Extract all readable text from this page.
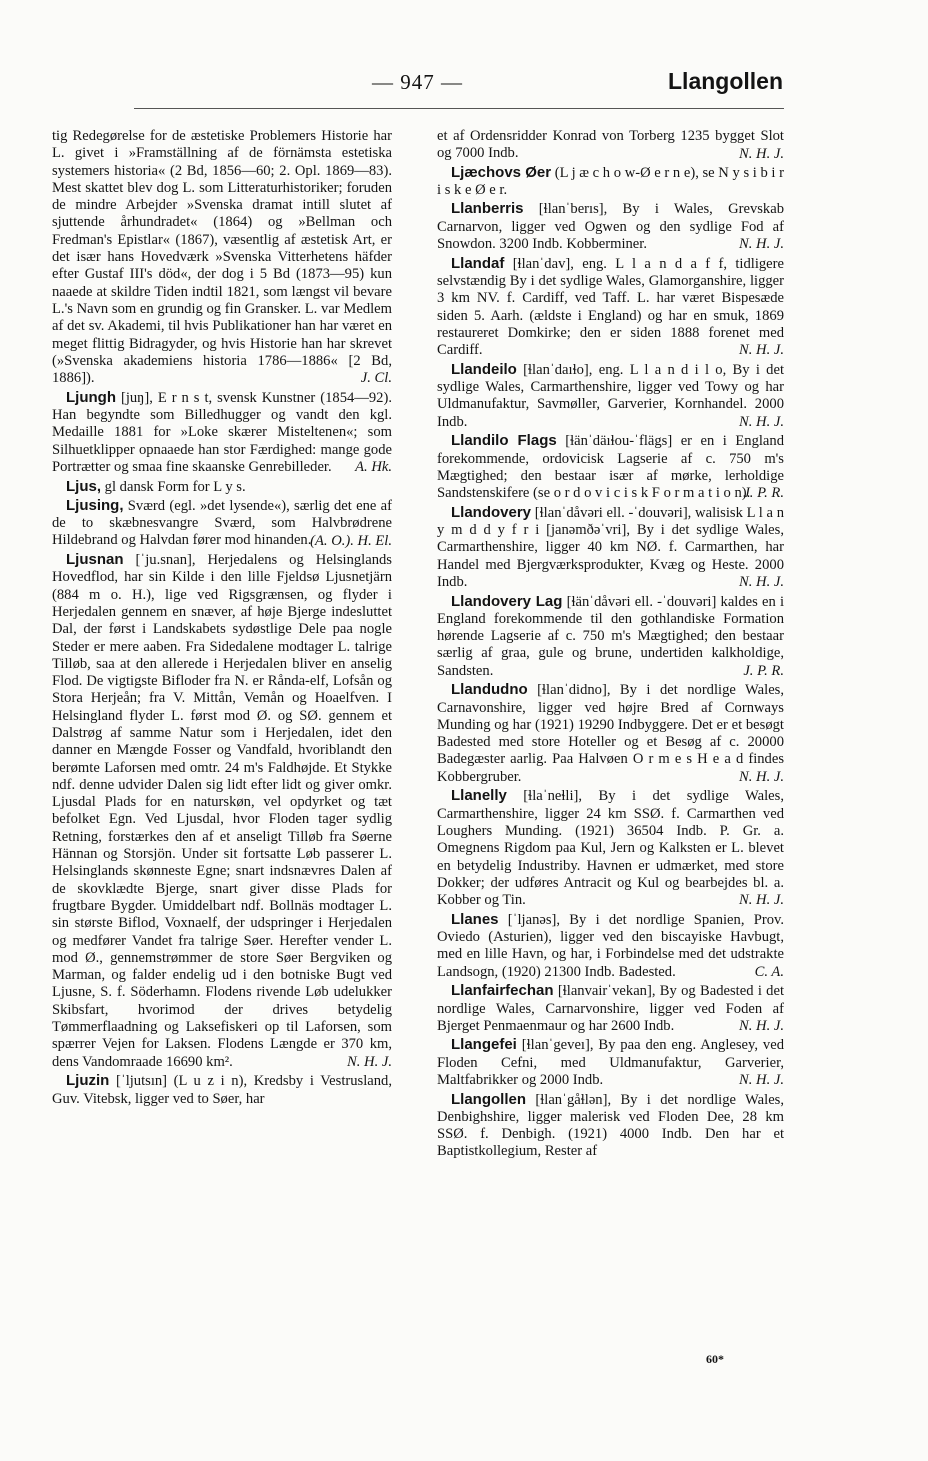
— 947 —	Llangollen

tig Redegørelse for de æstetiske Problemers Historie har L. givet i »Framställning af de förnämsta estetiska systemers historia« (2 Bd, 1856—60; 2. Opl. 1869—83). Mest skattet blev dog L. som Litteraturhistoriker; foruden de mindre Arbejder »Svenska dramat intill slutet af sjuttende århundradet« (1864) og »Bellman och Fredman's Epistlar« (1867), væsentlig af æstetisk Art, er det især hans Hovedværk »Svenska Vitterhetens häfder efter Gustaf III's död«, der dog i 5 Bd (1873—95) kun naaede at skildre Tiden indtil 1821, som længst vil bevare L.'s Navn som en grundig og fin Gransker. L. var Medlem af det sv. Akademi, til hvis Publikationer han har været en meget flittig Bidragyder, og hvis Historie han har skrevet (»Svenska akademiens historia 1786—1886« [2 Bd, 1886]).	J. Cl.

Ljungh [juŋ], E r n s t, svensk Kunstner (1854—92). Han begyndte som Billedhugger og vandt den kgl. Medaille 1881 for »Loke skærer Misteltenen«; som Silhuetklipper opnaaede han stor Færdighed: mange gode Portrætter og smaa fine skaanske Genrebilleder.	A. Hk.

Ljus, gl dansk Form for L y s.

Ljusing, Sværd (egl. »det lysende«), særlig det ene af de to skæbnesvangre Sværd, som Halvbrødrene Hildebrand og Halvdan fører mod hinanden.
(A. O.). H. El.

Ljusnan [ˈju.snan], Herjedalens og Helsinglands Hovedflod, har sin Kilde i den lille Fjeldsø Ljusnetjärn (884 m o. H.), lige ved Rigsgrænsen, og flyder i Herjedalen gennem en snæver, af høje Bjerge indesluttet Dal, der først i Landskabets sydøstlige Dele paa nogle Steder er mere aaben. Fra Sidedalene modtager L. talrige Tilløb, saa at den allerede i Herjedalen bliver en anselig Flod. De vigtigste Bifloder fra N. er Rånda-elf, Lofsån og Stora Herjeån; fra V. Mittån, Vemån og Hoaelfven. I Helsingland flyder L. først mod Ø. og SØ. gennem et Dalstrøg af samme Natur som i Herjedalen, idet den danner en Mængde Fosser og Vandfald, hvoriblandt den berømte Laforsen med omtr. 24 m's Faldhøjde. Et Stykke ndf. denne udvider Dalen sig lidt efter lidt og giver omkr. Ljusdal Plads for en naturskøn, vel opdyrket og tæt befolket Egn. Ved Ljusdal, hvor Floden tager sydlig Retning, forstærkes den af et anseligt Tilløb fra Søerne Hännan og Storsjön. Under sit fortsatte Løb passerer L. Helsinglands skønneste Egne; snart indsnævres Dalen af de skovklædte Bjerge, snart giver disse Plads for frugtbare Bygder. Umiddelbart ndf. Bollnäs modtager L. sin største Biflod, Voxnaelf, der udspringer i Herjedalen og medfører Vandet fra talrige Søer. Herefter vender L. mod Ø., gennemstrømmer de store Søer Bergviken og Marman, og falder endelig ud i den botniske Bugt ved Ljusne, S. f. Söderhamn. Flodens rivende Løb udelukker Skibsfart, hvorimod der drives betydelig Tømmerflaadning og Laksefiskeri op til Laforsen, som spærrer Vejen for Laksen. Flodens Længde er 370 km, dens Vandomraade 16690 km².	N. H. J.

Ljuzin [ˈljutsın] (L u z i n), Kredsby i Vestrusland, Guv. Vitebsk, ligger ved to Søer, har

et af Ordensridder Konrad von Torberg 1235 bygget Slot og 7000 Indb.	N. H. J.

Ljæchovs Øer (L j æ c h o w-Ø e r n e), se N y s i b i r i s k e Ø e r.

Llanberris [ɬlanˈberıs], By i Wales, Grevskab Carnarvon, ligger ved Ogwen og den sydlige Fod af Snowdon. 3200 Indb. Kobberminer.	N. H. J.

Llandaf [ɬlanˈdav], eng. L l a n d a f f, tidligere selvstændig By i det sydlige Wales, Glamorganshire, ligger 3 km NV. f. Cardiff, ved Taff. L. har været Bispesæde siden 5. Aarh. (ældste i England) og har en smuk, 1869 restaureret Domkirke; den er siden 1888 forenet med Cardiff.	N. H. J.

Llandeilo [ɬlanˈdaıɬo], eng. L l a n d i l o, By i det sydlige Wales, Carmarthenshire, ligger ved Towy og har Uldmanufaktur, Savmøller, Garverier, Kornhandel. 2000 Indb.	N. H. J.

Llandilo Flags [ɬänˈdäıɬou-ˈflägs] er en i England forekommende, ordovicisk Lagserie af c. 750 m's Mægtighed; den bestaar især af mørke, lerholdige Sandstenskifere (se o r d o v i c i s k F o r m a t i o n).
J. P. R.

Llandovery [ɬlanˈdåvəri ell. -ˈdouvəri], walisisk L l a n y m d d y f r i [janəmðəˈvri], By i det sydlige Wales, Carmarthenshire, ligger 40 km NØ. f. Carmarthen, har Handel med Bjergværksprodukter, Kvæg og Heste. 2000 Indb.	N. H. J.

Llandovery Lag [ɬänˈdåvəri ell. -ˈdouvəri] kaldes en i England forekommende til den gothlandiske Formation hørende Lagserie af c. 750 m's Mægtighed; den bestaar særlig af graa, gule og brune, undertiden kalkholdige, Sandsten.	J. P. R.

Llandudno [ɬlanˈdidno], By i det nordlige Wales, Carnavonshire, ligger ved højre Bred af Cornways Munding og har (1921) 19290 Indbyggere. Det er et besøgt Badested med store Hoteller og et Besøg af c. 20000 Badegæster aarlig. Paa Halvøen O r m e s H e a d findes Kobbergruber.	N. H. J.

Llanelly [ɬlaˈneɬli], By i det sydlige Wales, Carmarthenshire, ligger 24 km SSØ. f. Carmarthen ved Loughers Munding. (1921) 36504 Indb. P. Gr. a. Omegnens Rigdom paa Kul, Jern og Kalksten er L. blevet en betydelig Industriby. Havnen er udmærket, med store Dokker; der udføres Antracit og Kul og bearbejdes bl. a. Kobber og Tin.	N. H. J.

Llanes [ˈljanəs], By i det nordlige Spanien, Prov. Oviedo (Asturien), ligger ved den biscayiske Havbugt, med en lille Havn, og har, i Forbindelse med det udstrakte Landsogn, (1920) 21300 Indb. Badested.	C. A.

Llanfairfechan [ɬlanvairˈvekan], By og Badested i det nordlige Wales, Carnarvonshire, ligger ved Foden af Bjerget Penmaenmaur og har 2600 Indb.	N. H. J.

Llangefei [ɬlanˈgeveı], By paa den eng. Anglesey, ved Floden Cefni, med Uldmanufaktur, Garverier, Maltfabrikker og 2000 Indb.	N. H. J.

Llangollen [ɬlanˈgåɬlən], By i det nordlige Wales, Denbighshire, ligger malerisk ved Floden Dee, 28 km SSØ. f. Denbigh. (1921) 4000 Indb. Den har et Baptistkollegium, Rester af

60*
